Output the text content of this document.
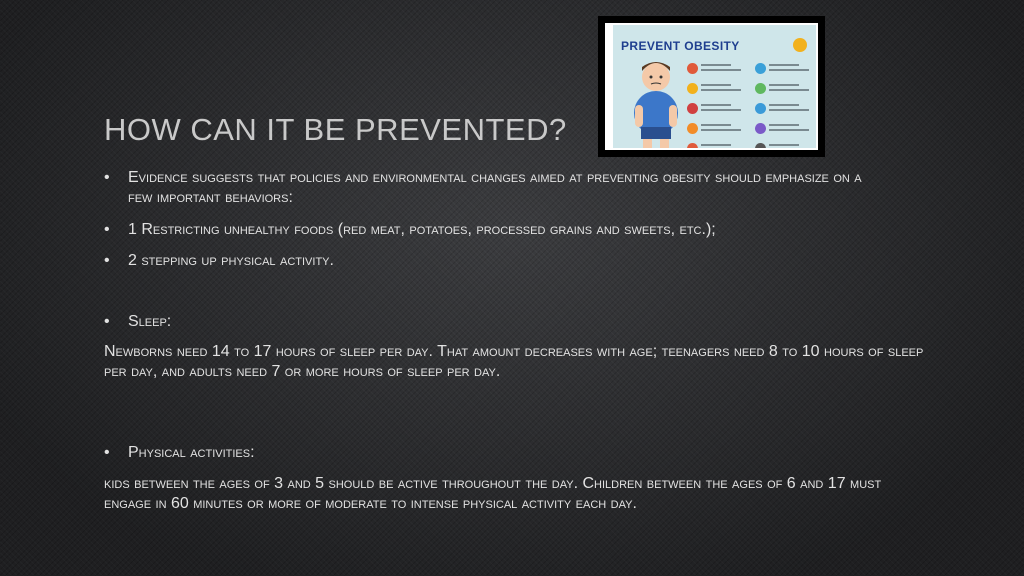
HOW CAN IT BE PREVENTED?
• Evidence suggests that policies and environmental changes aimed at preventing obesity should emphasize on a few important behaviors:
• 1 Restricting unhealthy foods (red meat, potatoes, processed grains and sweets, etc.);
• 2 stepping up physical activity.
• Sleep:
Newborns need 14 to 17 hours of sleep per day. That amount decreases with age; teenagers need 8 to 10 hours of sleep per day, and adults need 7 or more hours of sleep per day.
• Physical activities:
kids between the ages of 3 and 5 should be active throughout the day. Children between the ages of 6 and 17 must engage in 60 minutes or more of moderate to intense physical activity each day.
PREVENT OBESITY
